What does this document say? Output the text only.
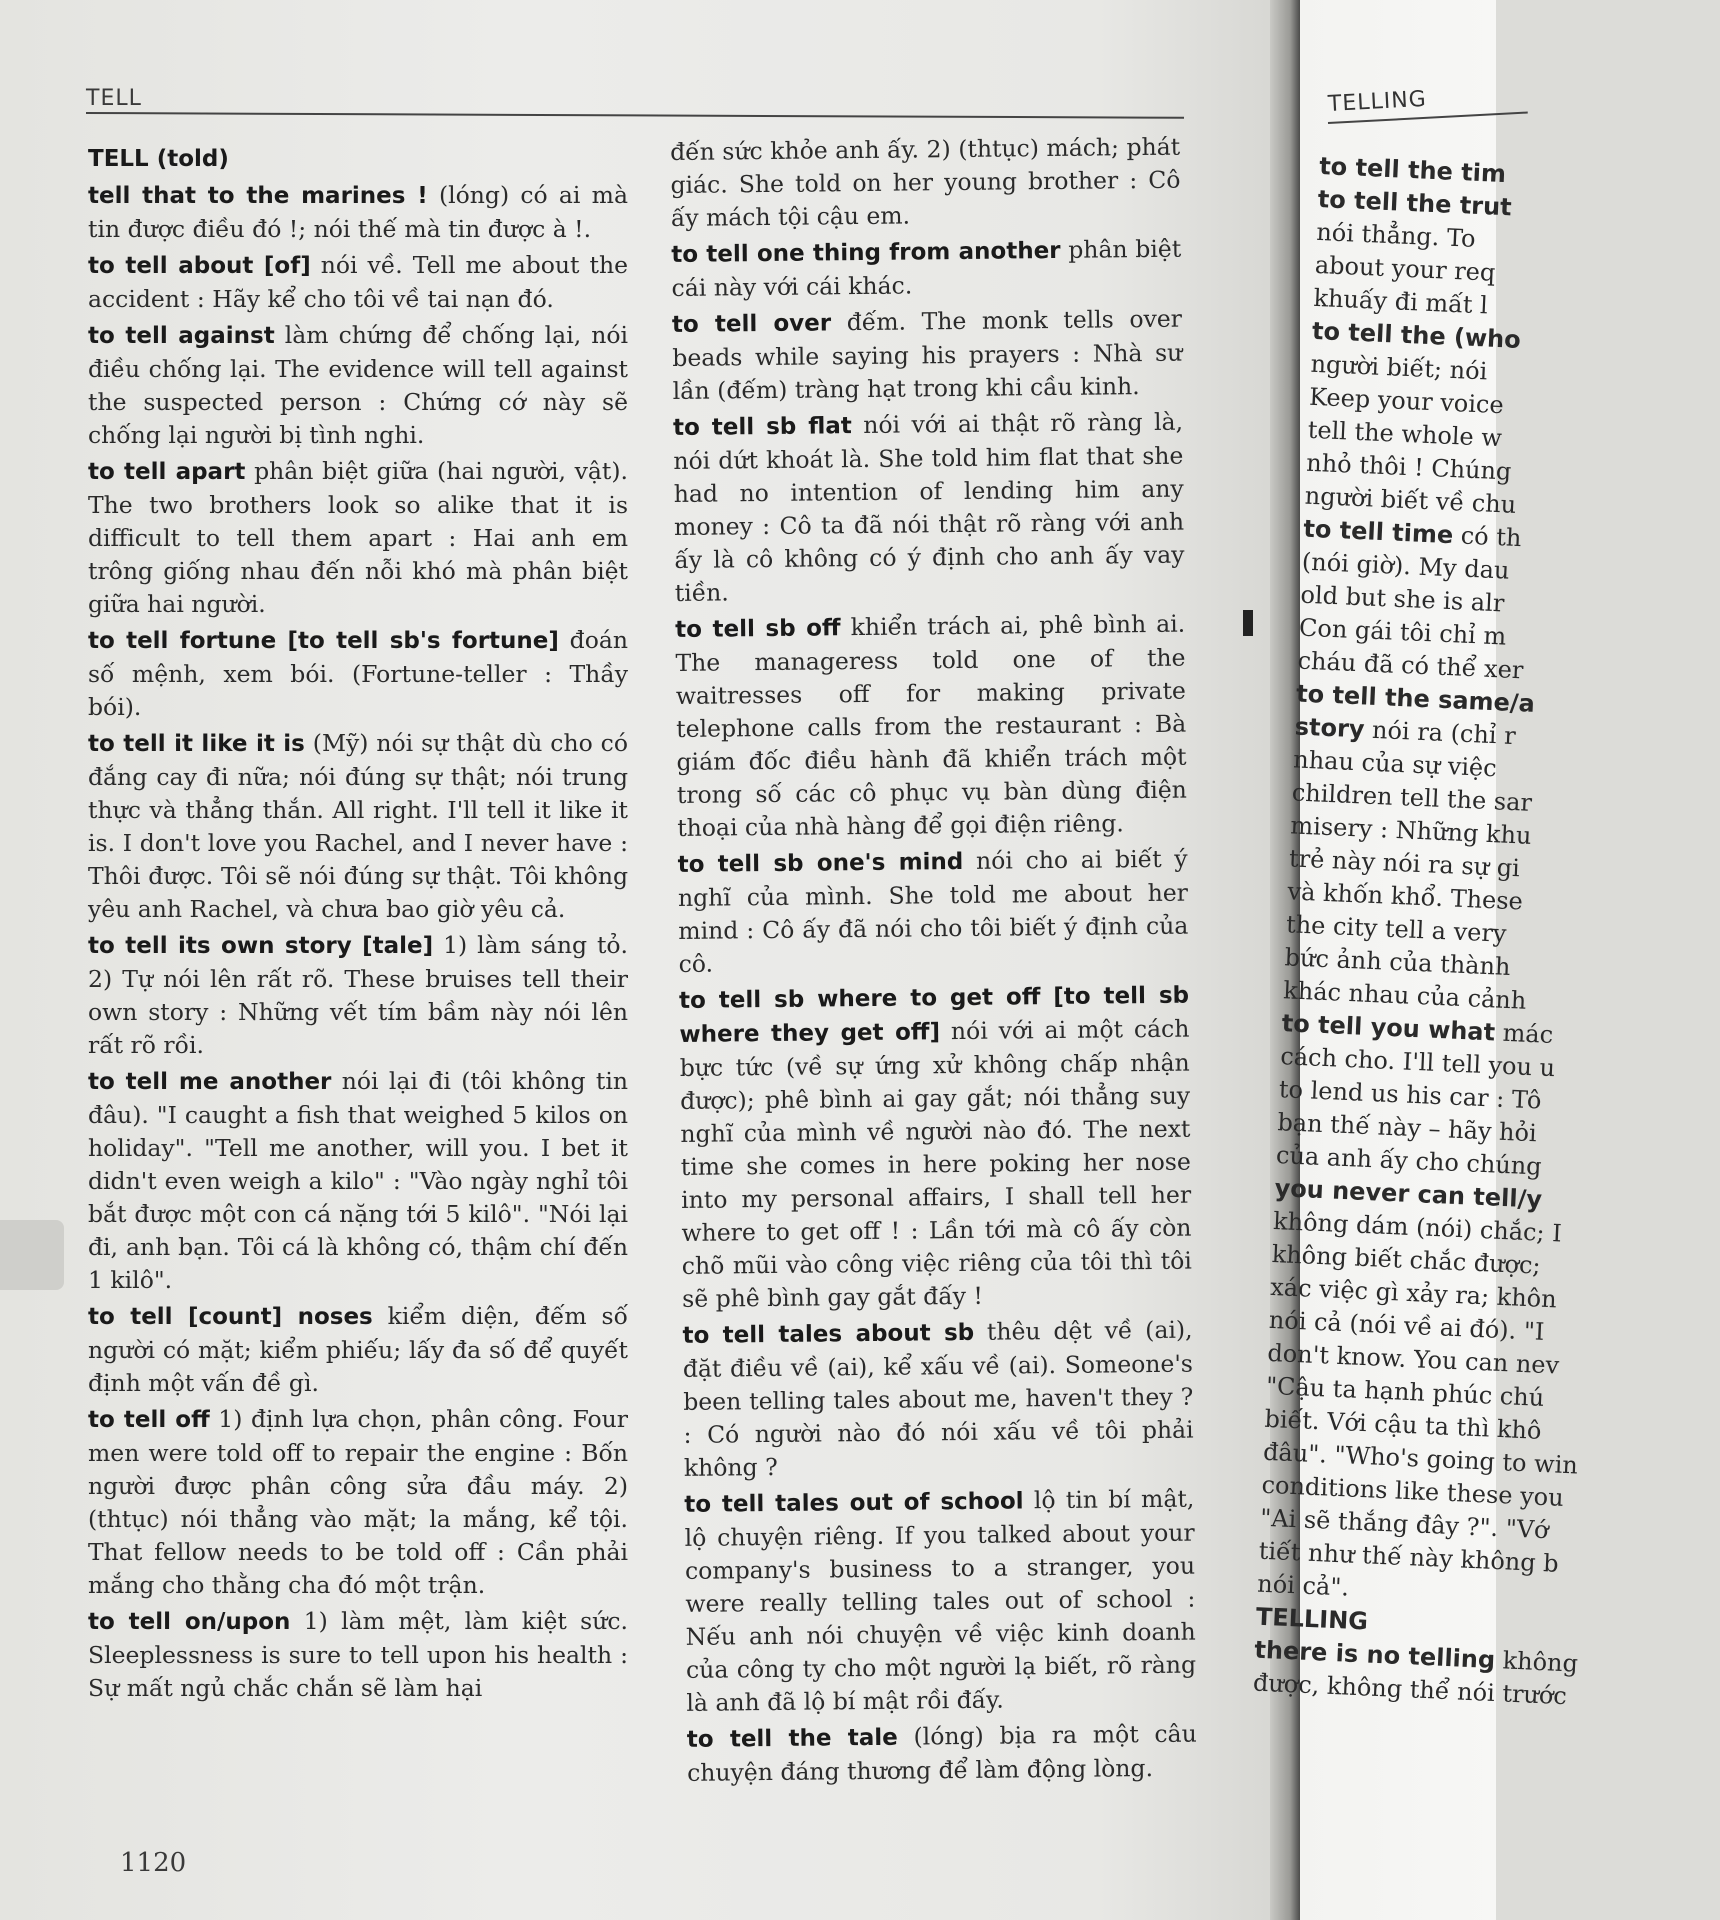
TELL
TELL (told)
tell that to the marines ! (lóng) có ai mà tin được điều đó !; nói thế mà tin được à !.
to tell about [of] nói về. Tell me about the accident : Hãy kể cho tôi về tai nạn đó.
to tell against làm chứng để chống lại, nói điều chống lại. The evidence will tell against the suspected person : Chứng cớ này sẽ chống lại người bị tình nghi.
to tell apart phân biệt giữa (hai người, vật). The two brothers look so alike that it is difficult to tell them apart : Hai anh em trông giống nhau đến nỗi khó mà phân biệt giữa hai người.
to tell fortune [to tell sb's fortune] đoán số mệnh, xem bói. (Fortune-teller : Thầy bói).
to tell it like it is (Mỹ) nói sự thật dù cho có đắng cay đi nữa; nói đúng sự thật; nói trung thực và thẳng thắn. All right. I'll tell it like it is. I don't love you Rachel, and I never have : Thôi được. Tôi sẽ nói đúng sự thật. Tôi không yêu anh Rachel, và chưa bao giờ yêu cả.
to tell its own story [tale] 1) làm sáng tỏ. 2) Tự nói lên rất rõ. These bruises tell their own story : Những vết tím bầm này nói lên rất rõ rồi.
to tell me another nói lại đi (tôi không tin đâu). "I caught a fish that weighed 5 kilos on holiday". "Tell me another, will you. I bet it didn't even weigh a kilo" : "Vào ngày nghỉ tôi bắt được một con cá nặng tới 5 kilô". "Nói lại đi, anh bạn. Tôi cá là không có, thậm chí đến 1 kilô".
to tell [count] noses kiểm diện, đếm số người có mặt; kiểm phiếu; lấy đa số để quyết định một vấn đề gì.
to tell off 1) định lựa chọn, phân công. Four men were told off to repair the engine : Bốn người được phân công sửa đầu máy. 2) (thtục) nói thẳng vào mặt; la mắng, kể tội. That fellow needs to be told off : Cần phải mắng cho thằng cha đó một trận.
to tell on/upon 1) làm mệt, làm kiệt sức. Sleeplessness is sure to tell upon his health : Sự mất ngủ chắc chắn sẽ làm hại
đến sức khỏe anh ấy. 2) (thtục) mách; phát giác. She told on her young brother : Cô ấy mách tội cậu em.
to tell one thing from another phân biệt cái này với cái khác.
to tell over đếm. The monk tells over beads while saying his prayers : Nhà sư lần (đếm) tràng hạt trong khi cầu kinh.
to tell sb flat nói với ai thật rõ ràng là, nói dứt khoát là. She told him flat that she had no intention of lending him any money : Cô ta đã nói thật rõ ràng với anh ấy là cô không có ý định cho anh ấy vay tiền.
to tell sb off khiển trách ai, phê bình ai. The manageress told one of the waitresses off for making private telephone calls from the restaurant : Bà giám đốc điều hành đã khiển trách một trong số các cô phục vụ bàn dùng điện thoại của nhà hàng để gọi điện riêng.
to tell sb one's mind nói cho ai biết ý nghĩ của mình. She told me about her mind : Cô ấy đã nói cho tôi biết ý định của cô.
to tell sb where to get off [to tell sb where they get off] nói với ai một cách bực tức (về sự ứng xử không chấp nhận được); phê bình ai gay gắt; nói thẳng suy nghĩ của mình về người nào đó. The next time she comes in here poking her nose into my personal affairs, I shall tell her where to get off ! : Lần tới mà cô ấy còn chõ mũi vào công việc riêng của tôi thì tôi sẽ phê bình gay gắt đấy !
to tell tales about sb thêu dệt về (ai), đặt điều về (ai), kể xấu về (ai). Someone's been telling tales about me, haven't they ? : Có người nào đó nói xấu về tôi phải không ?
to tell tales out of school lộ tin bí mật, lộ chuyện riêng. If you talked about your company's business to a stranger, you were really telling tales out of school : Nếu anh nói chuyện về việc kinh doanh của công ty cho một người lạ biết, rõ ràng là anh đã lộ bí mật rồi đấy.
to tell the tale (lóng) bịa ra một câu chuyện đáng thương để làm động lòng.
1120
TELLING
to tell the tim
to tell the trut
nói thẳng. To
about your req
khuấy đi mất l
to tell the (who
người biết; nói
Keep your voice
tell the whole w
nhỏ thôi ! Chúng
người biết về chu
to tell time có th
(nói giờ). My dau
old but she is alr
Con gái tôi chỉ m
cháu đã có thể xer
to tell the same/a
story nói ra (chỉ r
nhau của sự việc
children tell the sar
misery : Những khu
trẻ này nói ra sự gi
và khốn khổ. These
the city tell a very
bức ảnh của thành
khác nhau của cảnh
to tell you what mác
cách cho. I'll tell you u
to lend us his car : Tô
bạn thế này – hãy hỏi
của anh ấy cho chúng
you never can tell/y
không dám (nói) chắc; I
không biết chắc được;
xác việc gì xảy ra; khôn
nói cả (nói về ai đó). "I
don't know. You can nev
"Cậu ta hạnh phúc chú
biết. Với cậu ta thì khô
đâu". "Who's going to win
conditions like these you
"Ai sẽ thắng đây ?". "Vớ
tiết như thế này không b
nói cả".
TELLING
there is no telling không
được, không thể nói trước
